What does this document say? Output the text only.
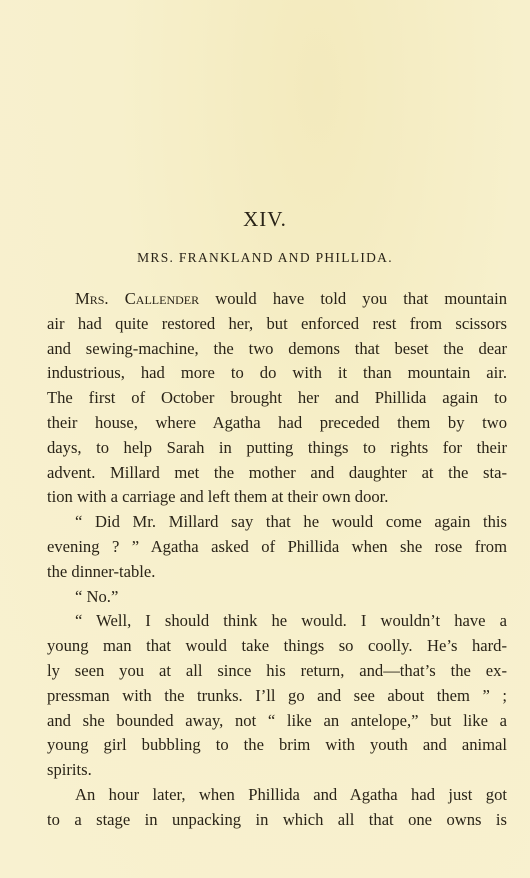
XIV.
MRS. FRANKLAND AND PHILLIDA.
Mrs. Callender would have told you that mountain
air had quite restored her, but enforced rest from scissors
and sewing-machine, the two demons that beset the dear
industrious, had more to do with it than mountain air.
The first of October brought her and Phillida again to
their house, where Agatha had preceded them by two
days, to help Sarah in putting things to rights for their
advent. Millard met the mother and daughter at the sta-
tion with a carriage and left them at their own door.
“ Did Mr. Millard say that he would come again this
evening ? ” Agatha asked of Phillida when she rose from
the dinner-table.
“ No.”
“ Well, I should think he would. I wouldn’t have a
young man that would take things so coolly. He’s hard-
ly seen you at all since his return, and—that’s the ex-
pressman with the trunks. I’ll go and see about them ” ;
and she bounded away, not “ like an antelope,” but like a
young girl bubbling to the brim with youth and animal
spirits.
An hour later, when Phillida and Agatha had just got
to a stage in unpacking in which all that one owns is
